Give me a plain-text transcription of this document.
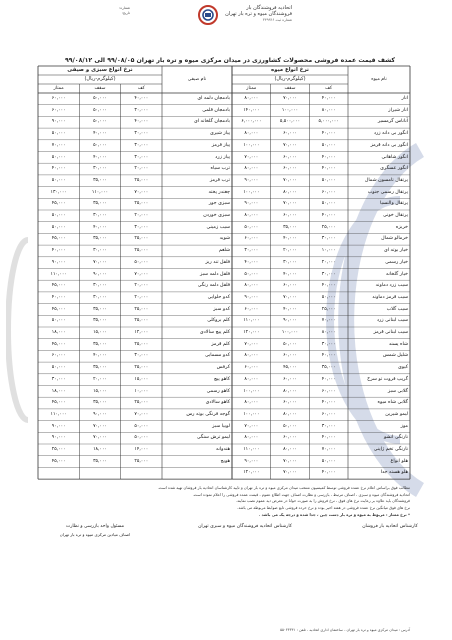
اتحادیه فروشندگان بار
فروشندگان میوه و تره بار تهران
شماره ثبت ۳۳۹۹۴۶
شماره:
تاریخ:
کشف قیمت عمده فروشی محصولات کشاورزی در میدان مرکزی میوه و تره بار تهران ۹۹/۰۸/۰۵ الی ۹۹/۰۸/۱۲
نرخ انواع میوه
(کیلوگرم-ریال)	نام میوه
کف
سقف
ممتاز
انار
۴۰,۰۰۰
۷۰,۰۰۰
۸۰,۰۰۰
انار شیراز
۸۰,۰۰۰
۱۰۰,۰۰۰
۱۴۰,۰۰۰
آناناس گرمسیر
۵,۰۰۰,۰۰۰
۵,۵۰۰,۰۰۰
۶,۰۰۰,۰۰۰
انگور بی دانه زرد
۴۰,۰۰۰
۶۰,۰۰۰
۸۰,۰۰۰
انگور بی دانه قرمز
۵۰,۰۰۰
۷۰,۰۰۰
۱۰۰,۰۰۰
انگور شاهانی
۴۰,۰۰۰
۶۰,۰۰۰
۷۰,۰۰۰
انگور عسگری
۴۰,۰۰۰
۶۰,۰۰۰
۸۰,۰۰۰
پرتقال تامسون شمال
۵۰,۰۰۰
۷۰,۰۰۰
۹۰,۰۰۰
پرتقال رسمی جنوب
۶۰,۰۰۰
۸۰,۰۰۰
۱۰۰,۰۰۰
پرتقال والنسیا
۵۰,۰۰۰
۷۰,۰۰۰
۹۰,۰۰۰
پرتقال خونی
۴۰,۰۰۰
۶۰,۰۰۰
۸۰,۰۰۰
خربزه
۲۵,۰۰۰
۳۵,۰۰۰
۵۰,۰۰۰
خرمالو شمال
۳۰,۰۰۰
۴۰,۰۰۰
۶۰,۰۰۰
خیار بوته ای
۱۰,۰۰۰
۲۰,۰۰۰
۳۰,۰۰۰
خیار رسمی
۲۰,۰۰۰
۳۰,۰۰۰
۴۰,۰۰۰
خیار گلخانه
۳۰,۰۰۰
۴۰,۰۰۰
۵۰,۰۰۰
سیب زرد دماوند
۴۰,۰۰۰
۶۰,۰۰۰
۸۰,۰۰۰
سیب قرمز دماوند
۵۰,۰۰۰
۷۰,۰۰۰
۹۰,۰۰۰
سیب گلاب
۲۵,۰۰۰
۴۰,۰۰۰
۶۰,۰۰۰
سیب لبنانی زرد
۷۰,۰۰۰
۹۰,۰۰۰
۱۱۰,۰۰۰
سیب لبنانی قرمز
۸۰,۰۰۰
۱۰۰,۰۰۰
۱۲۰,۰۰۰
شاه پسند
۳۰,۰۰۰
۵۰,۰۰۰
۷۰,۰۰۰
شلیل شمس
۴۰,۰۰۰
۶۰,۰۰۰
۸۰,۰۰۰
کیوی
۳۵,۰۰۰
۴۵,۰۰۰
۶۰,۰۰۰
گریپ فروت تو سرخ
۴۰,۰۰۰
۶۰,۰۰۰
۸۰,۰۰۰
گلابی سبز
۶۰,۰۰۰
۸۰,۰۰۰
۱۰۰,۰۰۰
گلابی شاه میوه
۴۰,۰۰۰
۶۰,۰۰۰
۸۰,۰۰۰
لیمو شیرین
۶۰,۰۰۰
۸۰,۰۰۰
۱۰۰,۰۰۰
موز
۳۰,۰۰۰
۵۰,۰۰۰
۷۰,۰۰۰
نارنگی انشو
۴۰,۰۰۰
۶۰,۰۰۰
۸۰,۰۰۰
نارنگی تخم ژاپنی
۷۰,۰۰۰
۸۰,۰۰۰
۱۱۰,۰۰۰
هلو انواع
۵۰,۰۰۰
۷۰,۰۰۰
۹۰,۰۰۰
هلو هسته جدا
۴۰,۰۰۰
۷۰,۰۰۰
۱۲۰,۰۰۰
نرخ انواع سبزی و صیفی
(کیلوگرم-ریال)	نام صیفی
کف
سقف
ممتاز
بادمجان دلمه ای
۴۰,۰۰۰
۵۰,۰۰۰
۶۰,۰۰۰
بادمجان قلمی
۳۰,۰۰۰
۵۰,۰۰۰
۶۰,۰۰۰
بادمجان گلخانه ای
۴۰,۰۰۰
۵۰,۰۰۰
۹۰,۰۰۰
پیاز شیری
۳۰,۰۰۰
۴۰,۰۰۰
۵۰,۰۰۰
پیاز قرمز
۳۰,۰۰۰
۵۰,۰۰۰
۷۰,۰۰۰
پیاز زرد
۳۰,۰۰۰
۴۰,۰۰۰
۵۰,۰۰۰
ترب سیاه
۲۰,۰۰۰
۳۰,۰۰۰
۴۰,۰۰۰
ترب قرمز
۲۵,۰۰۰
۳۵,۰۰۰
۵۰,۰۰۰
چغندر پخته
۷۰,۰۰۰
۱۱۰,۰۰۰
۱۳۰,۰۰۰
سبزی جور
۲۵,۰۰۰
۳۵,۰۰۰
۴۵,۰۰۰
سبزی خوردن
۲۰,۰۰۰
۳۰,۰۰۰
۵۰,۰۰۰
سیب زمینی
۳۰,۰۰۰
۴۰,۰۰۰
۵۰,۰۰۰
شوید
۲۵,۰۰۰
۳۵,۰۰۰
۴۵,۰۰۰
شلغم
۲۵,۰۰۰
۳۰,۰۰۰
۴۰,۰۰۰
فلفل تند ریز
۵۰,۰۰۰
۷۰,۰۰۰
۹۰,۰۰۰
فلفل دلمه سبز
۷۰,۰۰۰
۹۰,۰۰۰
۱۱۰,۰۰۰
فلفل دلمه رنگی
۲۰,۰۰۰
۳۰,۰۰۰
۴۵,۰۰۰
کدو حلوایی
۲۰,۰۰۰
۳۰,۰۰۰
۴۰,۰۰۰
کدو سبز
۲۵,۰۰۰
۳۵,۰۰۰
۴۵,۰۰۰
کلم بروکلی
۲۵,۰۰۰
۳۵,۰۰۰
۵۰,۰۰۰
کلم پیچ سالادی
۱۲,۰۰۰
۱۵,۰۰۰
۱۸,۰۰۰
کلم قرمز
۲۵,۰۰۰
۳۵,۰۰۰
۴۵,۰۰۰
کدو مسمایی
۳۰,۰۰۰
۴۰,۰۰۰
۶۰,۰۰۰
کرفس
۲۵,۰۰۰
۳۵,۰۰۰
۵۰,۰۰۰
کاهو پیچ
۱۵,۰۰۰
۲۰,۰۰۰
۳۰,۰۰۰
کاهو رسمی
۱۰,۰۰۰
۱۵,۰۰۰
۱۸,۰۰۰
کاهو سالادی
۲۵,۰۰۰
۳۵,۰۰۰
۴۵,۰۰۰
گوجه فرنگی بوته رس
۷۰,۰۰۰
۹۰,۰۰۰
۱۱۰,۰۰۰
لوبیا سبز
۵۰,۰۰۰
۷۰,۰۰۰
۹۰,۰۰۰
لیمو ترش سنگی
۵۰,۰۰۰
۷۰,۰۰۰
۹۰,۰۰۰
هندوانه
۱۴,۰۰۰
۱۸,۰۰۰
۲۵,۰۰۰
هویج
۲۵,۰۰۰
۳۵,۰۰۰
۴۵,۰۰۰
مطالب فوق براساس اعلام نرخ عمده فروشی توسط کمیسیون منتخب میدان مرکزی میوه و تره بار تهران و تایید کارشناسان اتحادیه بار فروشان تهیه شده است.
اتحادیه فروشندگان میوه و سبزی ، اصناف مرتبط ، بازرسی و نظارت اصناف جهت اطلاع عموم ، قیمت عمده فروشی را اعلام نموده است.
فروشندگان باید علاوه بر رعایت نرخ های فوق ، نرخ فروش را به صورت خوانا در معرض دید عموم نصب نمایند.
نرخ های فوق میانگین نرخ عمده فروشی در هفته اخیر بوده و نرخ خرده فروشی تابع ضوابط مربوطه می باشد.
* نرخ ممتاز : مربوط به میوه و تره بار دست چین ، جدا شده و درجه یک می باشد .
کارشناس اتحادیه بار فروشان
کارشناس اتحادیه فروشندگان میوه و سبزی تهران
مسئول واحد بازرسی و نظارت
اصناف میادین مرکزی میوه و تره بار تهران
آدرس : میدان مرکزی میوه و تره بار تهران - ساختمان اداری اتحادیه - تلفن : ۵۵۰۴۳۳۳۱
